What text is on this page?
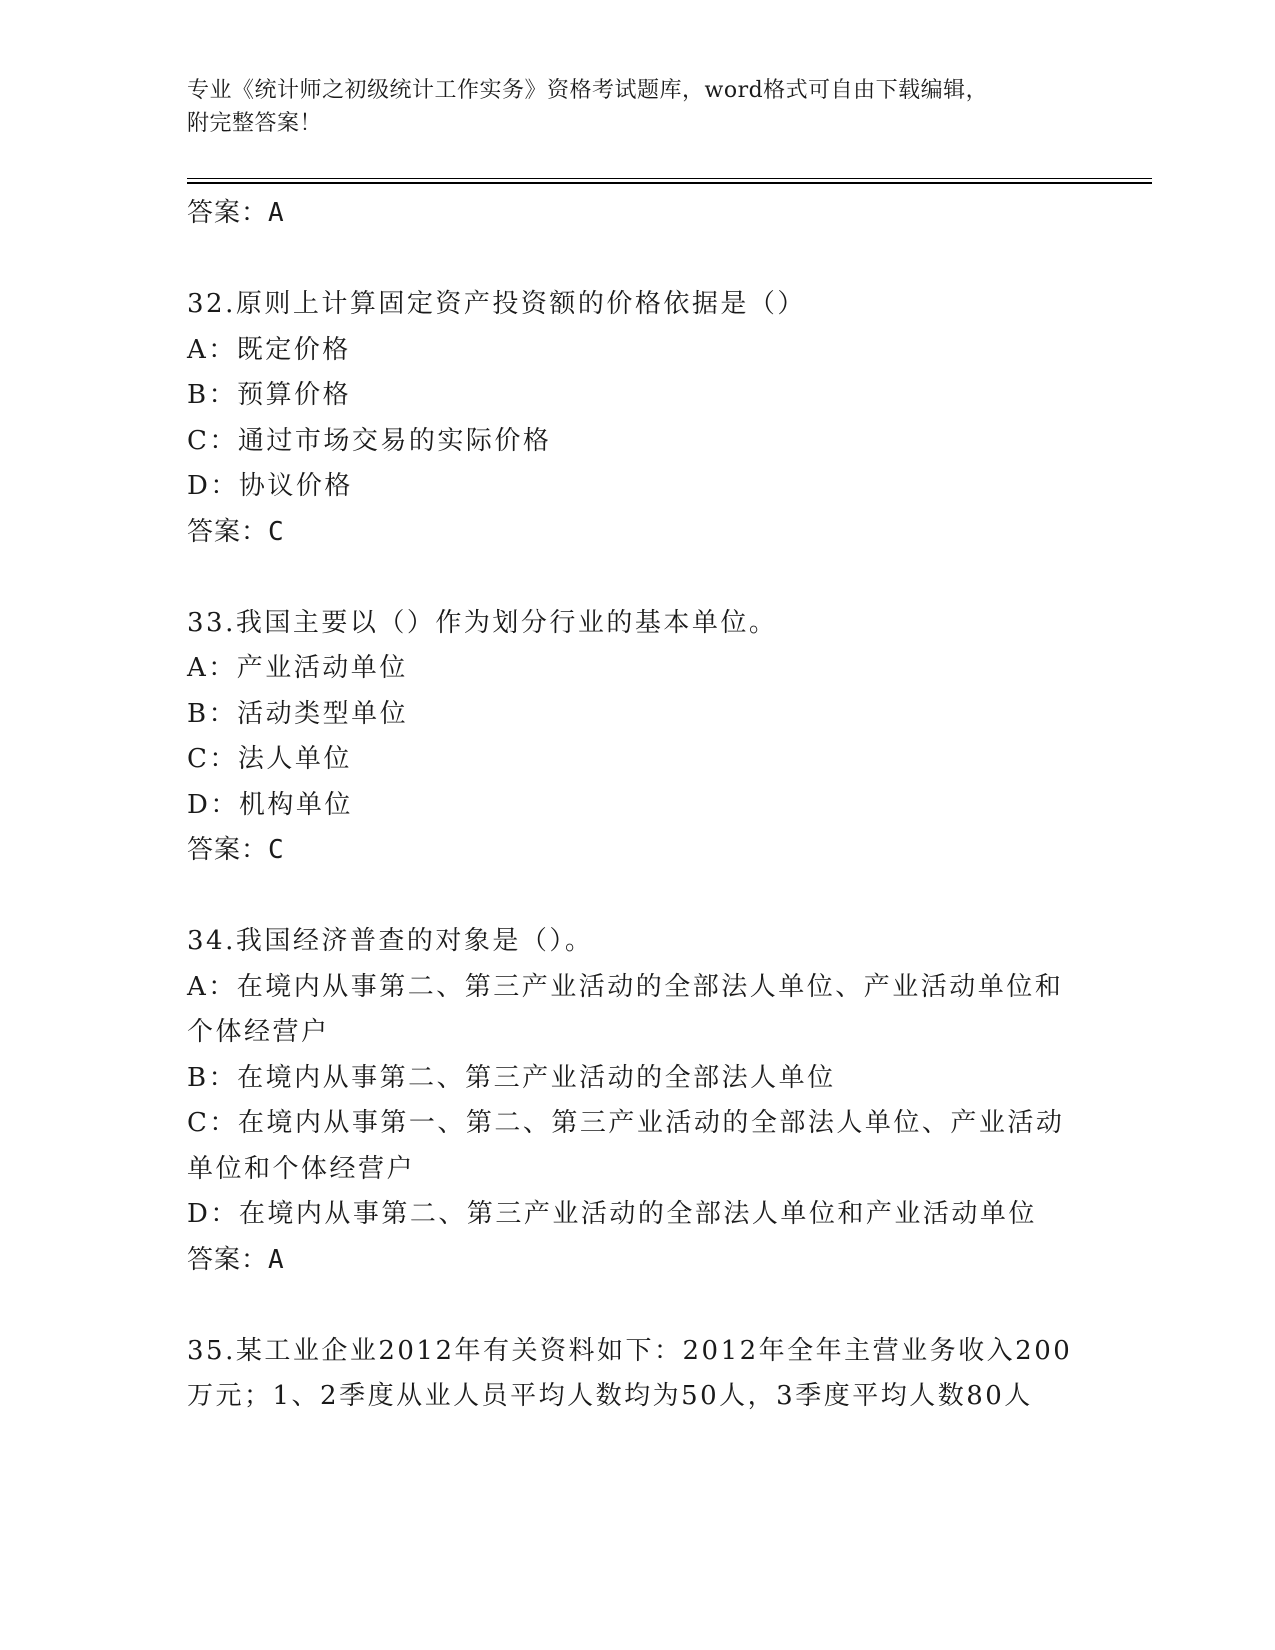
专业《统计师之初级统计工作实务》资格考试题库，word格式可自由下载编辑，
附完整答案！
答案：A
32.原则上计算固定资产投资额的价格依据是（）
A：既定价格
B：预算价格
C：通过市场交易的实际价格
D：协议价格
答案：C
33.我国主要以（）作为划分行业的基本单位。
A：产业活动单位
B：活动类型单位
C：法人单位
D：机构单位
答案：C
34.我国经济普查的对象是（）。
A：在境内从事第二、第三产业活动的全部法人单位、产业活动单位和
个体经营户
B：在境内从事第二、第三产业活动的全部法人单位
C：在境内从事第一、第二、第三产业活动的全部法人单位、产业活动
单位和个体经营户
D：在境内从事第二、第三产业活动的全部法人单位和产业活动单位
答案：A
35.某工业企业2012年有关资料如下：2012年全年主营业务收入200
万元；1、2季度从业人员平均人数均为50人，3季度平均人数80人
